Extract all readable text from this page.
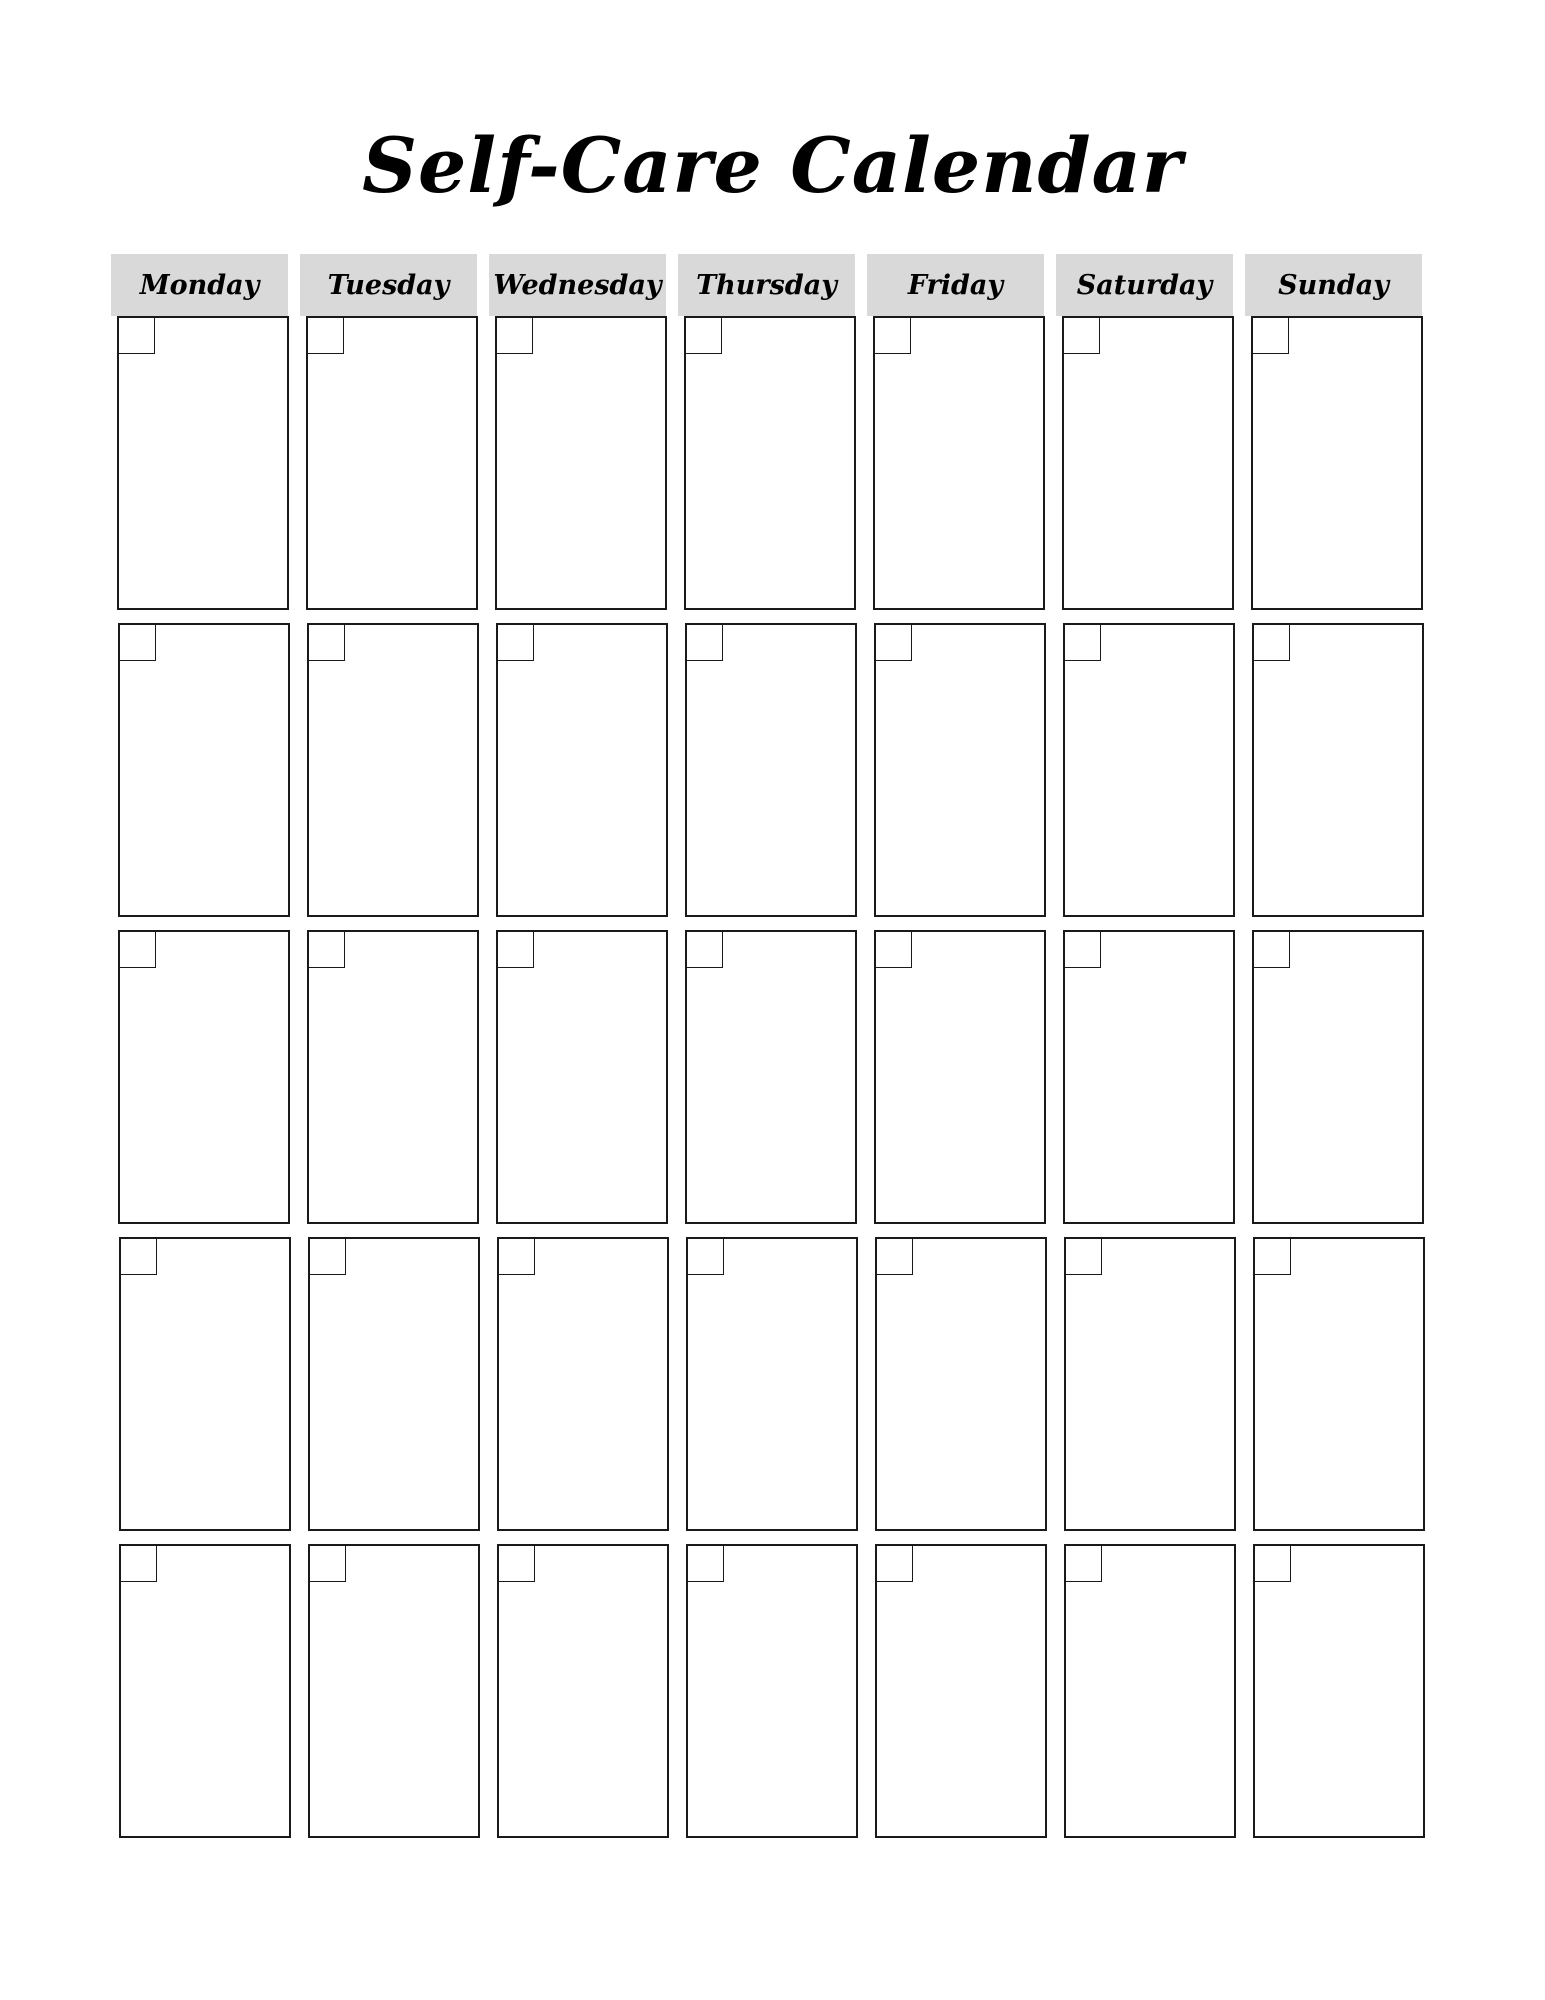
Self-Care Calendar
Monday	Tuesday	Wednesday	Thursday	Friday	Saturday	Sunday
